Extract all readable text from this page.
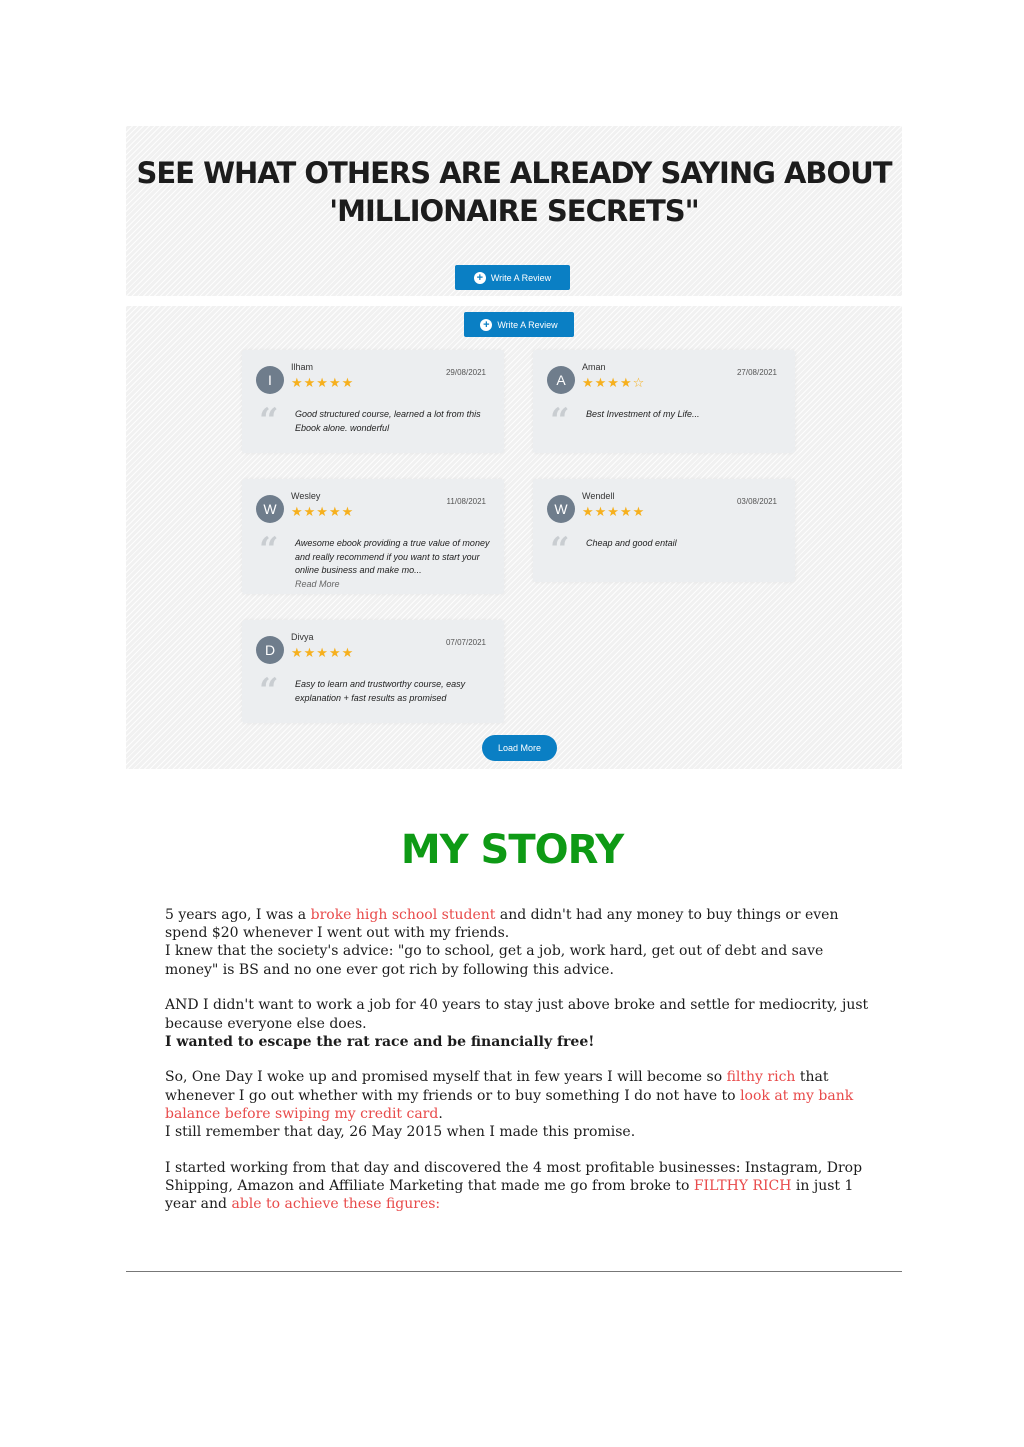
SEE WHAT OTHERS ARE ALREADY SAYING ABOUT
'MILLIONAIRE SECRETS"
+ Write A Review
+ Write A Review
I
Ilham
29/08/2021
★★★★★
“ Good structured course, learned a lot from this Ebook alone. wonderful

A
Aman
27/08/2021
★★★★☆
“ Best Investment of my Life...

W
Wesley
11/08/2021
★★★★★
“ Awesome ebook providing a true value of money and really recommend if you want to start your online business and make mo...
Read More

W
Wendell
03/08/2021
★★★★★
“ Cheap and good entail

D
Divya
07/07/2021
★★★★★
“ Easy to learn and trustworthy course, easy explanation + fast results as promised

Load More
MY STORY

5 years ago, I was a broke high school student and didn't had any money to buy things or even spend $20 whenever I went out with my friends.
I knew that the society's advice: "go to school, get a job, work hard, get out of debt and save money" is BS and no one ever got rich by following this advice.

AND I didn't want to work a job for 40 years to stay just above broke and settle for mediocrity, just because everyone else does.
I wanted to escape the rat race and be financially free!

So, One Day I woke up and promised myself that in few years I will become so filthy rich that whenever I go out whether with my friends or to buy something I do not have to look at my bank balance before swiping my credit card.
I still remember that day, 26 May 2015 when I made this promise.

I started working from that day and discovered the 4 most profitable businesses: Instagram, Drop Shipping, Amazon and Affiliate Marketing that made me go from broke to FILTHY RICH in just 1 year and able to achieve these figures:
